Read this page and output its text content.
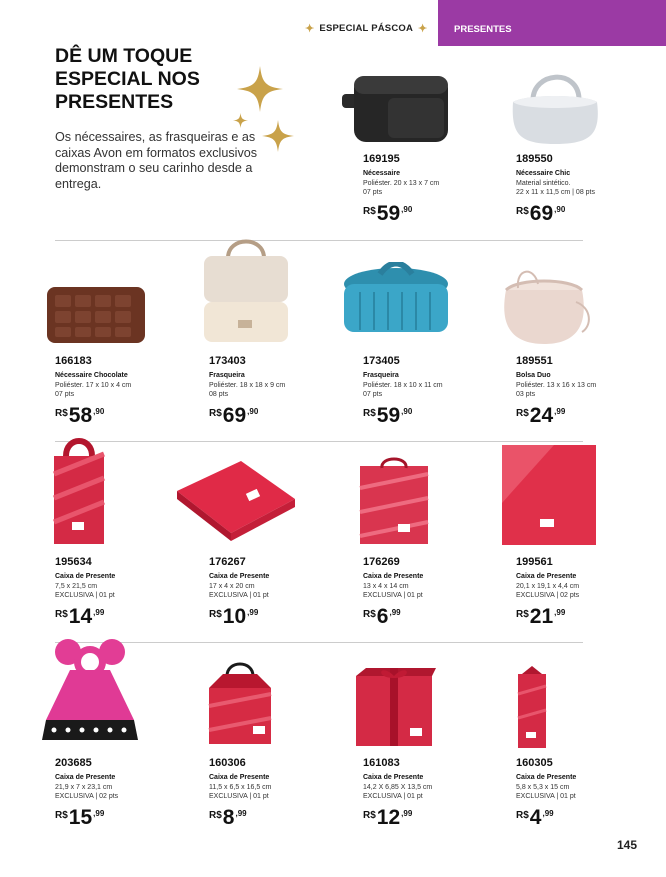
✦ ESPECIAL PÁSCOA ✦	PRESENTES
DÊ UM TOQUE
ESPECIAL NOS
PRESENTES
Os nécessaires, as frasqueiras e as caixas Avon em formatos exclusivos demonstram o seu carinho desde a entrega.
169195
Nécessaire
Poliéster. 20 x 13 x 7 cm
07 pts
R$ 59 ,90
189550
Nécessaire Chic
Material sintético.
22 x 11 x 11,5 cm | 08 pts
R$ 69 ,90
166183
Nécessaire Chocolate
Poliéster. 17 x 10 x 4 cm
07 pts
R$ 58 ,90
173403
Frasqueira
Poliéster. 18 x 18 x 9 cm
08 pts
R$ 69 ,90
173405
Frasqueira
Poliéster. 18 x 10 x 11 cm
07 pts
R$ 59 ,90
189551
Bolsa Duo
Poliéster. 13 x 16 x 13 cm
03 pts
R$ 24 ,99
195634
Caixa de Presente
7,5 x 21,5 cm
EXCLUSIVA | 01 pt
R$ 14 ,99
176267
Caixa de Presente
17 x 4 x 20 cm
EXCLUSIVA | 01 pt
R$ 10 ,99
176269
Caixa de Presente
13 x 4 x 14 cm
EXCLUSIVA | 01 pt
R$ 6 ,99
199561
Caixa de Presente
20,1 x 19,1 x 4,4 cm
EXCLUSIVA | 02 pts
R$ 21 ,99
203685
Caixa de Presente
21,9 x 7 x 23,1 cm
EXCLUSIVA | 02 pts
R$ 15 ,99
160306
Caixa de Presente
11,5 x 6,5 x 16,5 cm
EXCLUSIVA | 01 pt
R$ 8 ,99
161083
Caixa de Presente
14,2 X 6,85 X 13,5 cm
EXCLUSIVA | 01 pt
R$ 12 ,99
160305
Caixa de Presente
5,8 x 5,3 x 15 cm
EXCLUSIVA | 01 pt
R$ 4 ,99
145
